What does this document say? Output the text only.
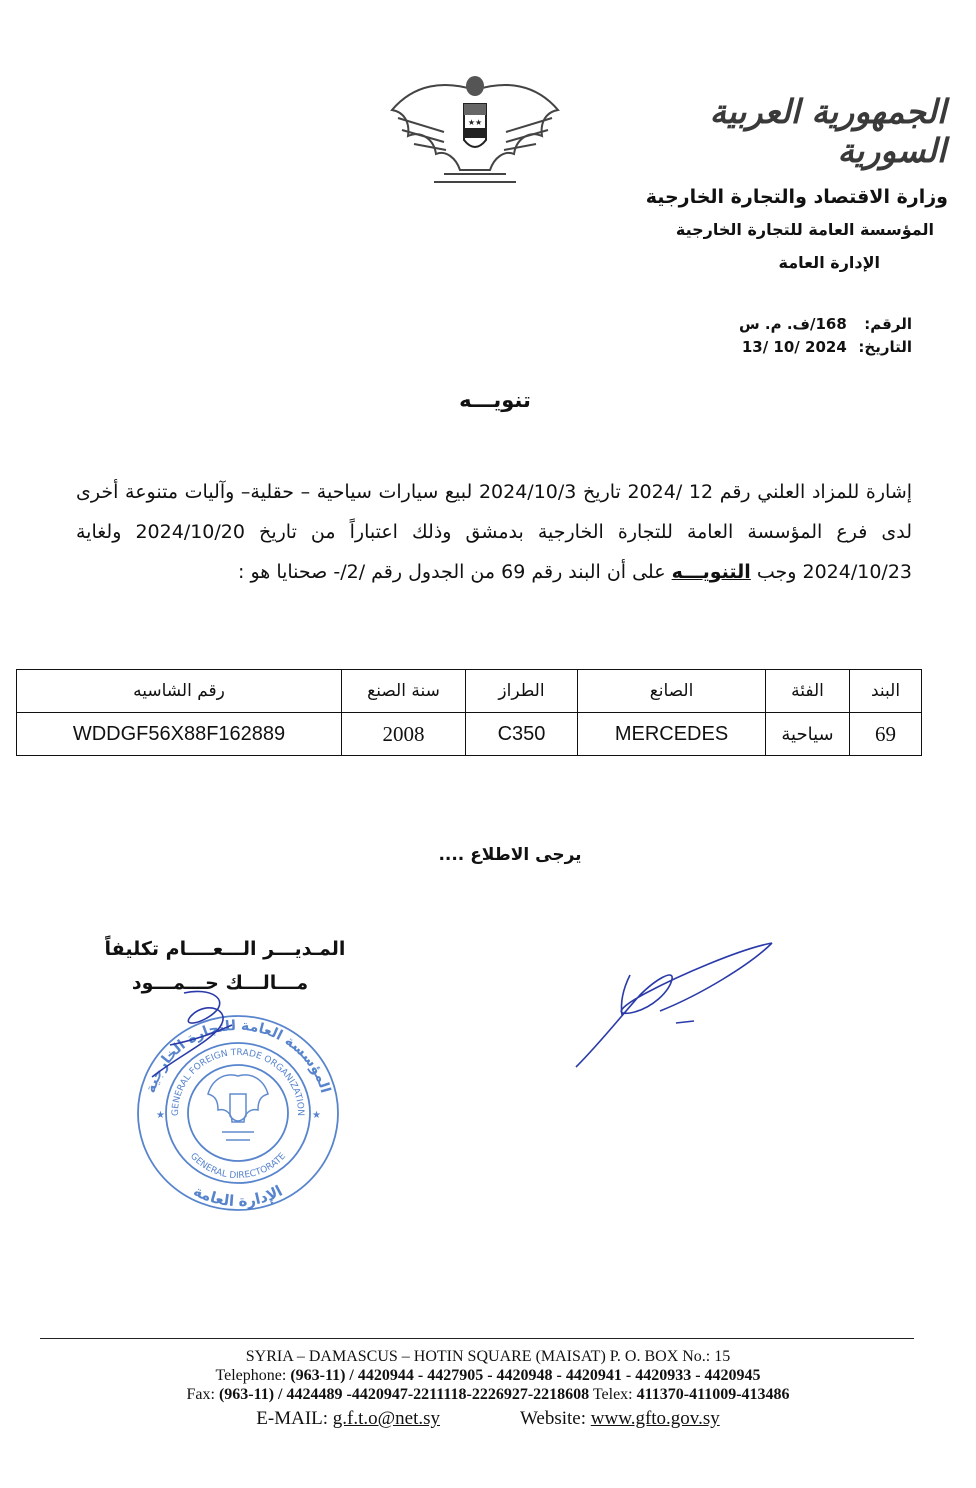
★★	الجمهورية العربية السورية
وزارة الاقتصاد والتجارة الخارجية
المؤسسة العامة للتجارة الخارجية
الإدارة العامة
الرقم: 168/ف. م. س
التاريخ: 13/ 10/ 2024
تنويـــه
إشارة للمزاد العلني رقم 12 /2024 تاريخ 2024/10/3 لبيع سيارات سياحية – حقلية– وآليات متنوعة أخرى لدى فرع المؤسسة العامة للتجارة الخارجية بدمشق وذلك اعتباراً من تاريخ 2024/10/20 ولغاية 2024/10/23 وجب التنويـــه على أن البند رقم 69 من الجدول رقم /2/- صحنايا هو :
البند	الفئة	الصانع	الطراز	سنة الصنع	رقم الشاسيه
69	سياحية	MERCEDES	C350	2008	WDDGF56X88F162889
يرجى الاطلاع ....
المـديـــر الـــعــــام تكليفاً
مـــالـــك حـــمـــود
المؤسسة العامة للتجارة الخارجية
GENERAL FOREIGN TRADE ORGANIZATION
GENERAL DIRECTORATE
الإدارة العامة
★	★
SYRIA – DAMASCUS – HOTIN SQUARE (MAISAT) P. O. BOX No.: 15
Telephone: (963-11) / 4420944 - 4427905 - 4420948 - 4420941 - 4420933 - 4420945
Fax: (963-11) / 4424489 -4420947-2211118-2226927-2218608 Telex: 411370-411009-413486
E-MAIL: g.f.t.o@net.sy	Website: www.gfto.gov.sy
